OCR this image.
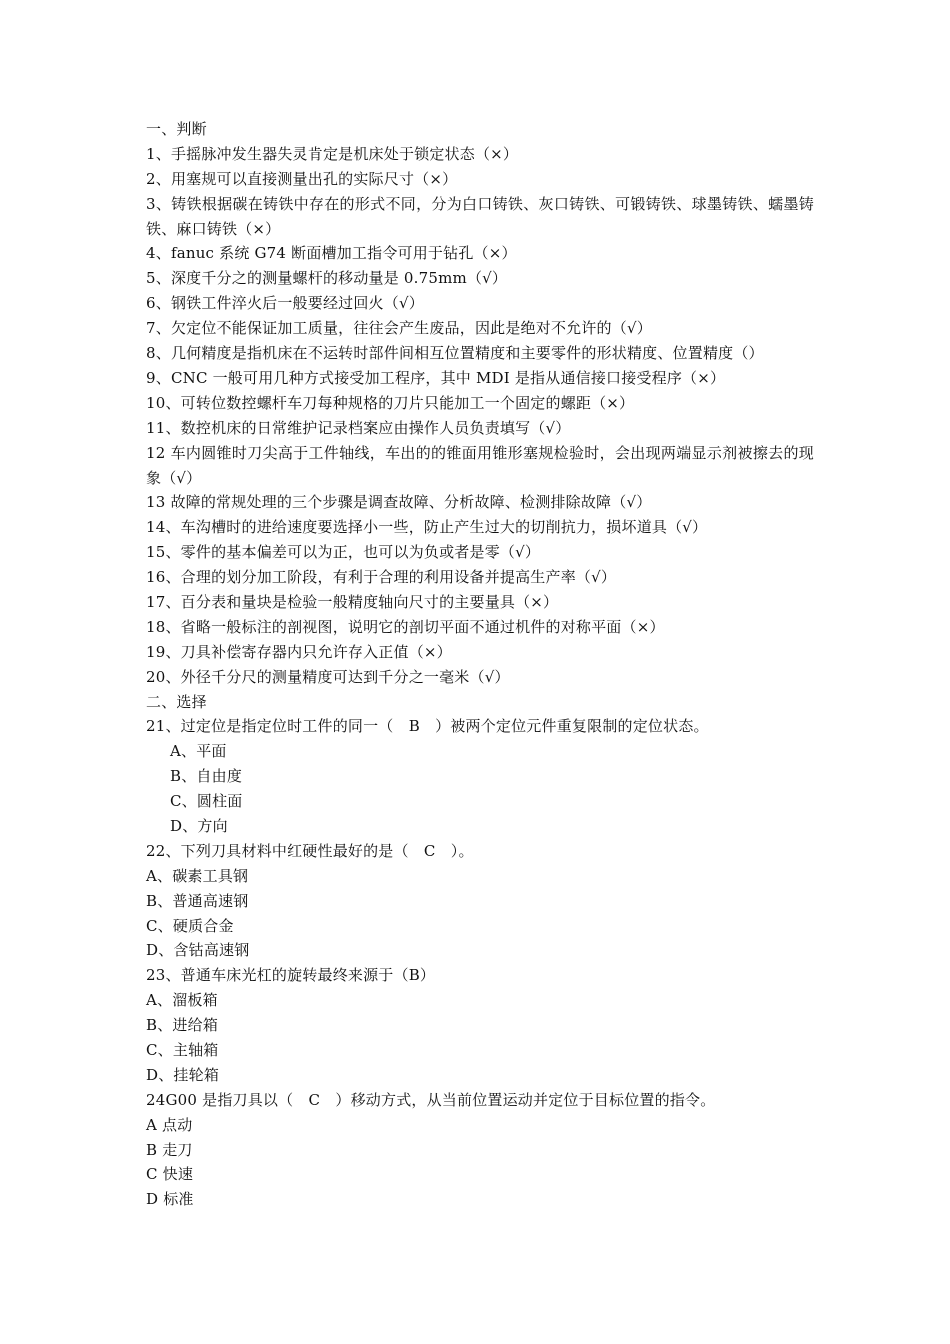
一、判断
1、手摇脉冲发生器失灵肯定是机床处于锁定状态（×）
2、用塞规可以直接测量出孔的实际尺寸（×）
3、铸铁根据碳在铸铁中存在的形式不同，分为白口铸铁、灰口铸铁、可锻铸铁、球墨铸铁、蠕墨铸铁、麻口铸铁（×）
4、fanuc 系统 G74 断面槽加工指令可用于钻孔（×）
5、深度千分之的测量螺杆的移动量是 0.75mm（√）
6、钢铁工件淬火后一般要经过回火（√）
7、欠定位不能保证加工质量，往往会产生废品，因此是绝对不允许的（√）
8、几何精度是指机床在不运转时部件间相互位置精度和主要零件的形状精度、位置精度（）
9、CNC 一般可用几种方式接受加工程序，其中 MDI 是指从通信接口接受程序（×）
10、可转位数控螺杆车刀每种规格的刀片只能加工一个固定的螺距（×）
11、数控机床的日常维护记录档案应由操作人员负责填写（√）
12 车内圆锥时刀尖高于工件轴线，车出的的锥面用锥形塞规检验时，会出现两端显示剂被擦去的现象（√）
13 故障的常规处理的三个步骤是调查故障、分析故障、检测排除故障（√）
14、车沟槽时的进给速度要选择小一些，防止产生过大的切削抗力，损坏道具（√）
15、零件的基本偏差可以为正，也可以为负或者是零（√）
16、合理的划分加工阶段，有利于合理的利用设备并提高生产率（√）
17、百分表和量块是检验一般精度轴向尺寸的主要量具（×）
18、省略一般标注的剖视图，说明它的剖切平面不通过机件的对称平面（×）
19、刀具补偿寄存器内只允许存入正值（×）
20、外径千分尺的测量精度可达到千分之一毫米（√）
二、选择
21、过定位是指定位时工件的同一（　B　）被两个定位元件重复限制的定位状态。
A、平面
B、自由度
C、圆柱面
D、方向
22、下列刀具材料中红硬性最好的是（　C　）。
A、碳素工具钢
B、普通高速钢
C、硬质合金
D、含钴高速钢
23、普通车床光杠的旋转最终来源于（B）
A、溜板箱
B、进给箱
C、主轴箱
D、挂轮箱
24G00 是指刀具以（　C　）移动方式，从当前位置运动并定位于目标位置的指令。
A 点动
B 走刀
C 快速
D 标准
